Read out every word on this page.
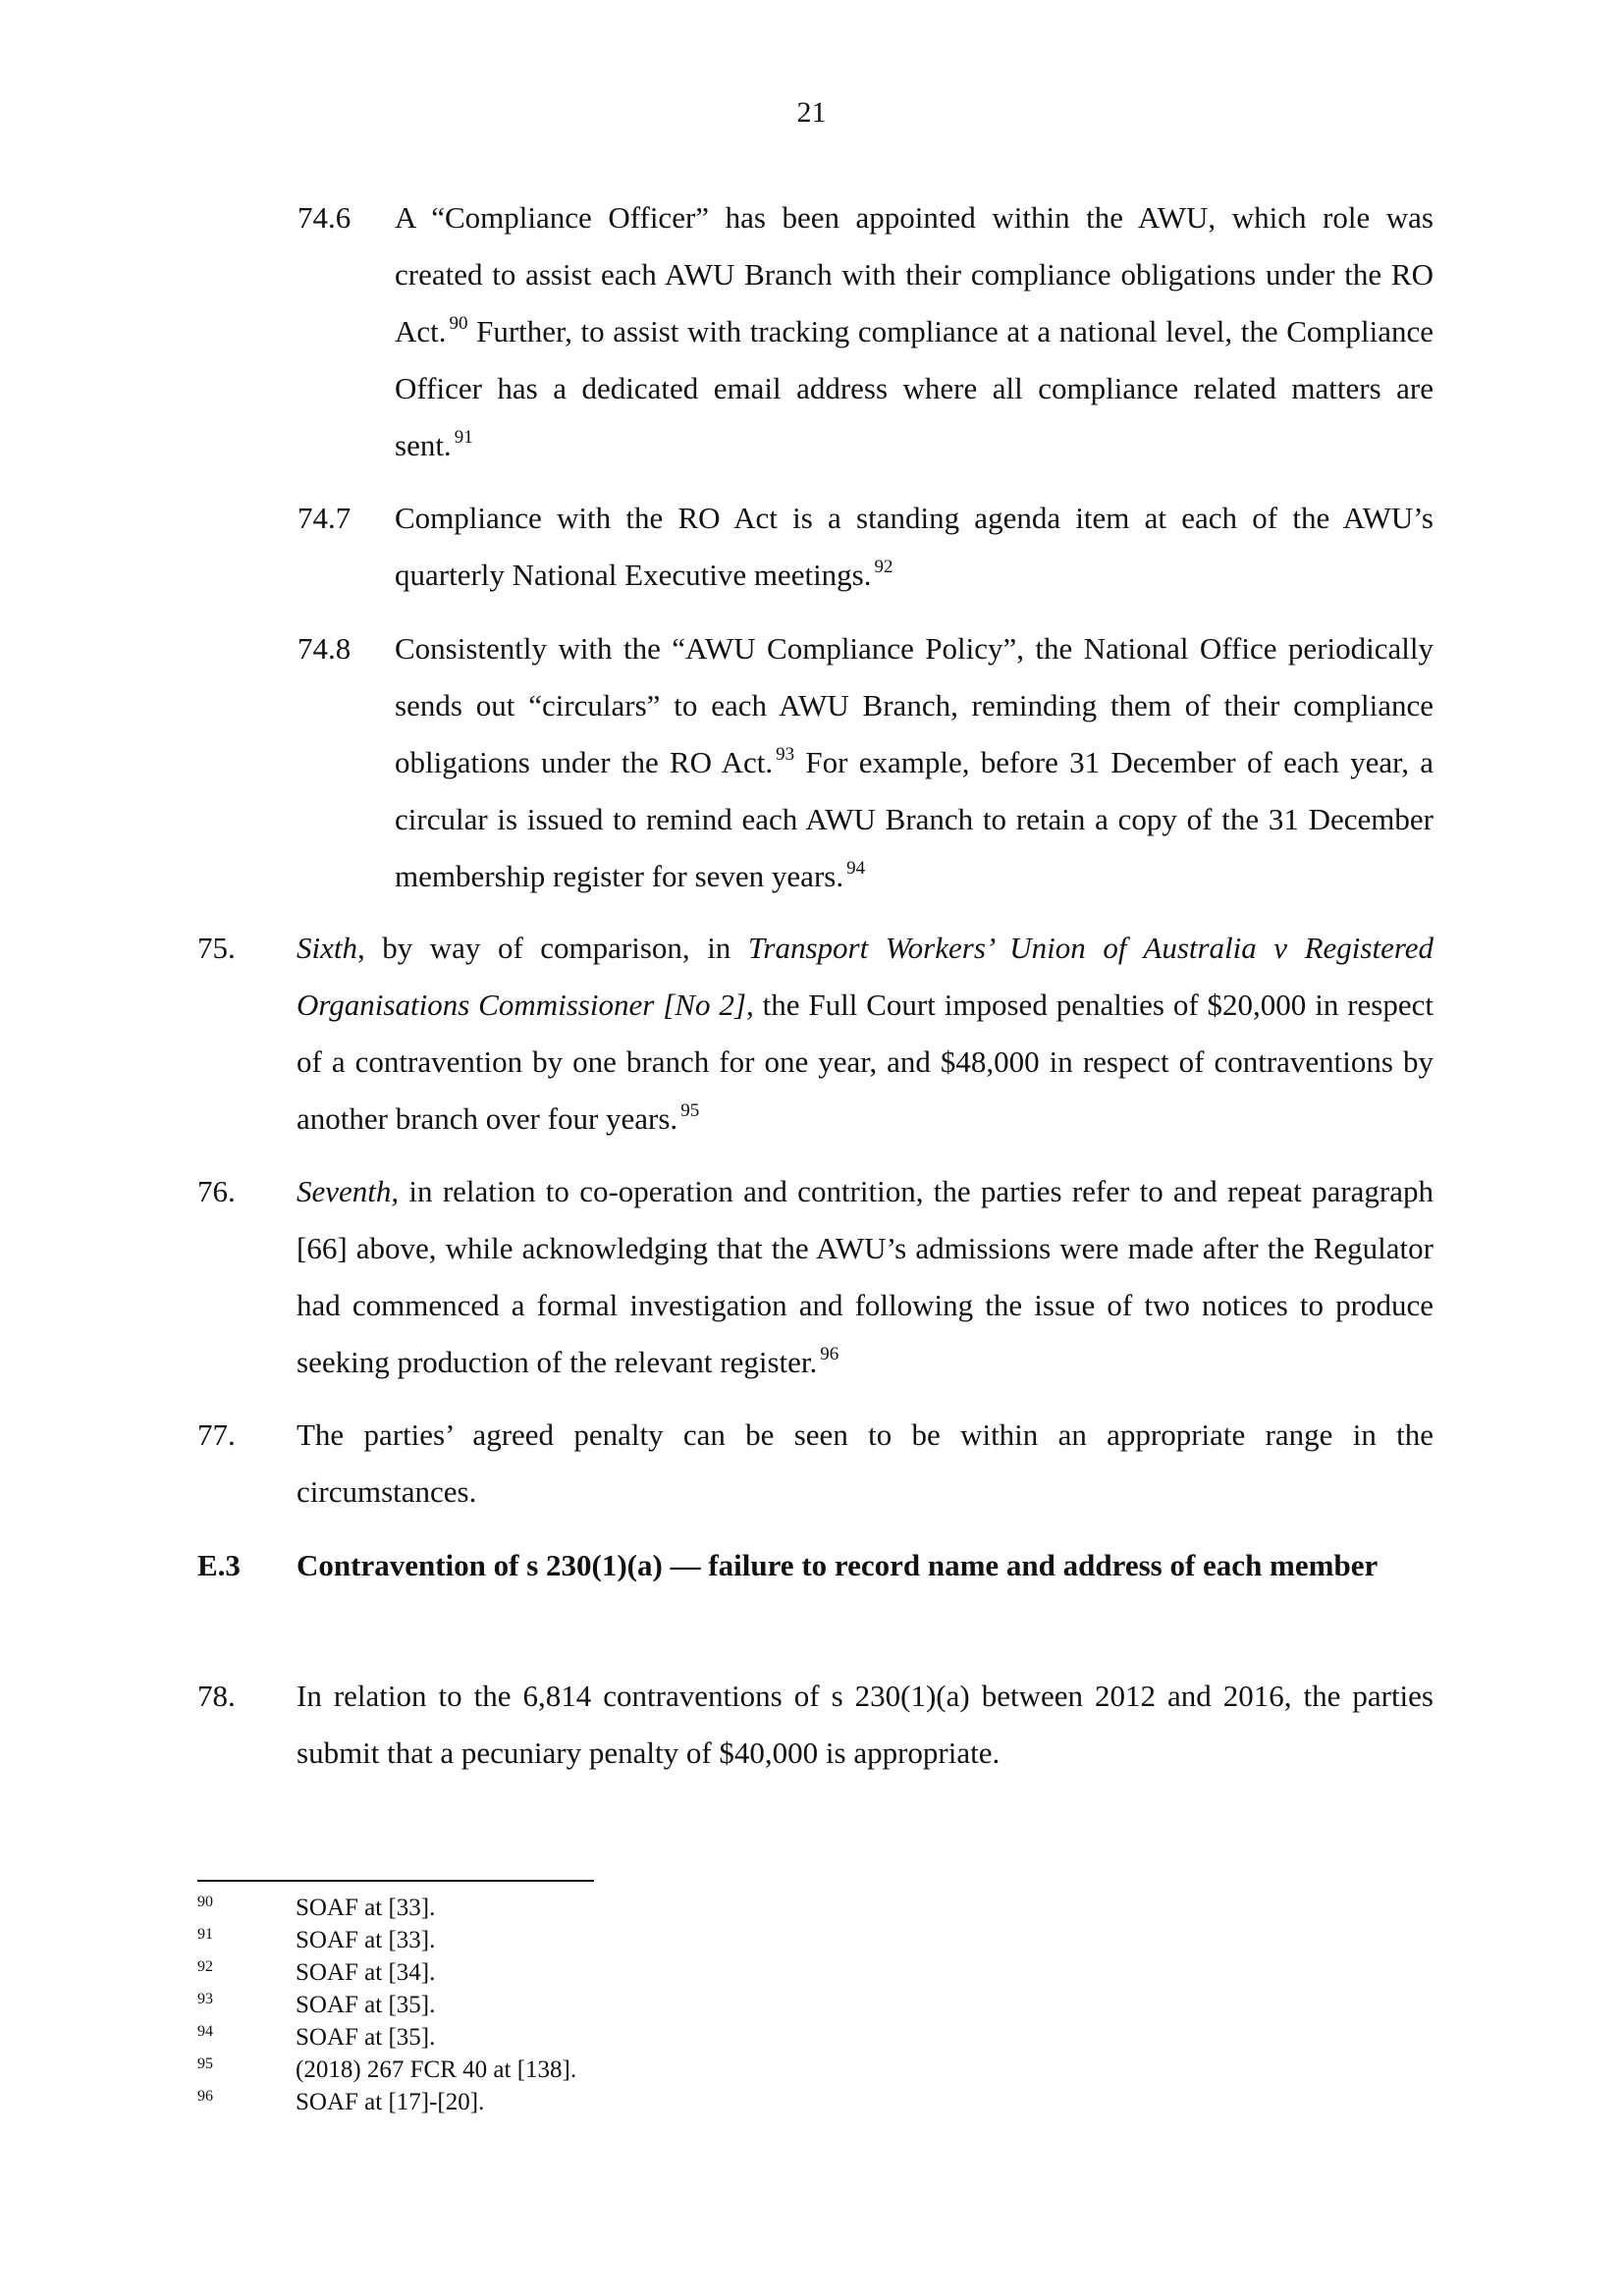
21
74.6 A “Compliance Officer” has been appointed within the AWU, which role was created to assist each AWU Branch with their compliance obligations under the RO Act. $^{90}$ Further, to assist with tracking compliance at a national level, the Compliance Officer has a dedicated email address where all compliance related matters are sent. $^{91}$
74.7 Compliance with the RO Act is a standing agenda item at each of the AWU’s quarterly National Executive meetings. $^{92}$
74.8 Consistently with the “AWU Compliance Policy”, the National Office periodically sends out “circulars” to each AWU Branch, reminding them of their compliance obligations under the RO Act. $^{93}$ For example, before 31 December of each year, a circular is issued to remind each AWU Branch to retain a copy of the 31 December membership register for seven years. $^{94}$
75. Sixth, by way of comparison, in Transport Workers’ Union of Australia v Registered Organisations Commissioner [No 2], the Full Court imposed penalties of $20,000 in respect of a contravention by one branch for one year, and $48,000 in respect of contraventions by another branch over four years. $^{95}$
76. Seventh, in relation to co-operation and contrition, the parties refer to and repeat paragraph [66] above, while acknowledging that the AWU’s admissions were made after the Regulator had commenced a formal investigation and following the issue of two notices to produce seeking production of the relevant register. $^{96}$
77. The parties’ agreed penalty can be seen to be within an appropriate range in the circumstances.
E.3 Contravention of s 230(1)(a) — failure to record name and address of each member
78. In relation to the 6,814 contraventions of s 230(1)(a) between 2012 and 2016, the parties submit that a pecuniary penalty of $40,000 is appropriate.
90	SOAF at [33].
91	SOAF at [33].
92	SOAF at [34].
93	SOAF at [35].
94	SOAF at [35].
95	(2018) 267 FCR 40 at [138].
96	SOAF at [17]-[20].
